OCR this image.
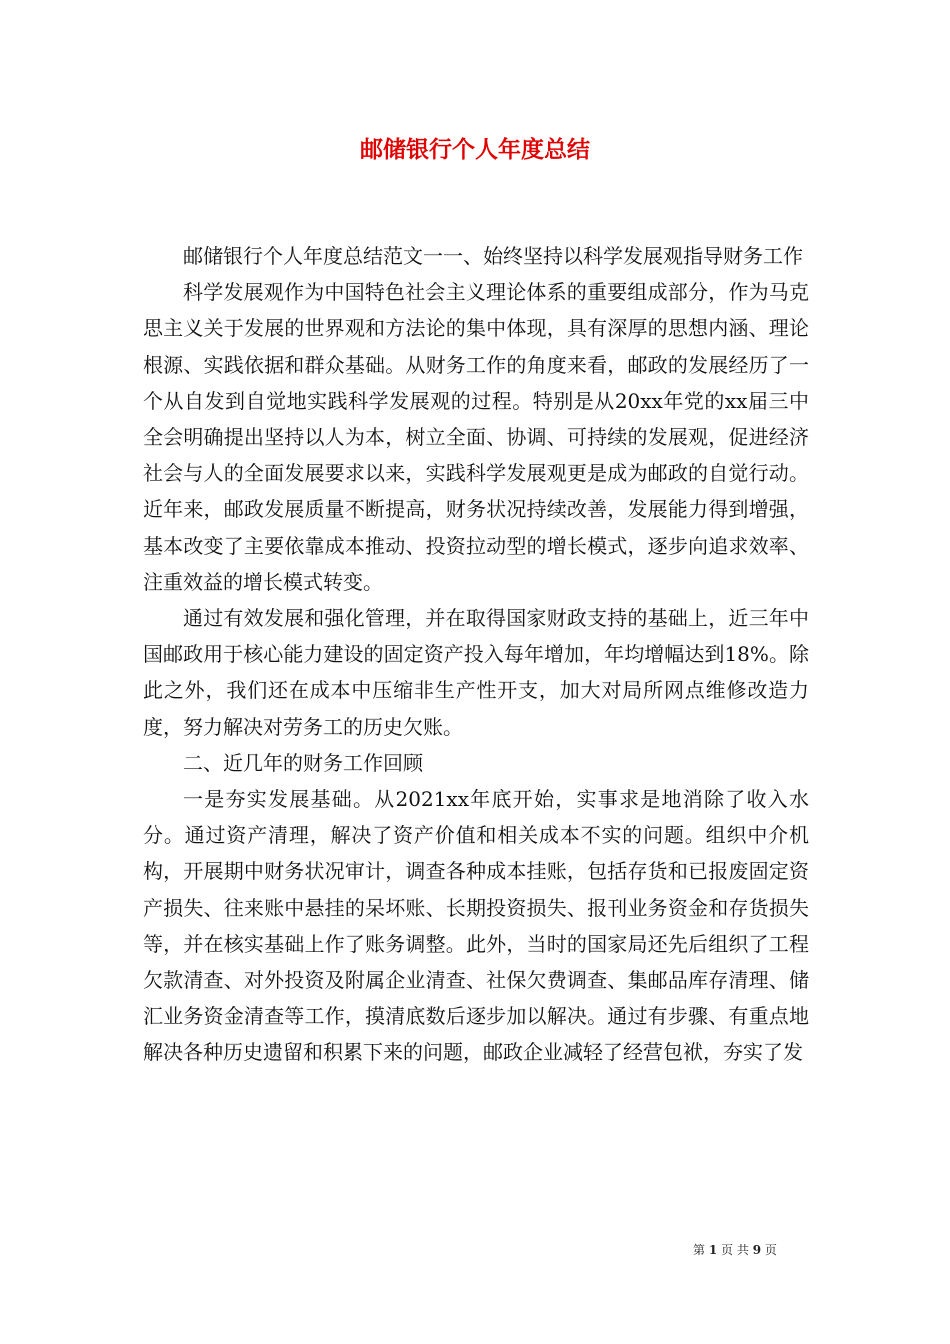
邮储银行个人年度总结

邮储银行个人年度总结范文一一、始终坚持以科学发展观指导财务工作

科学发展观作为中国特色社会主义理论体系的重要组成部分，作为马克思主义关于发展的世界观和方法论的集中体现，具有深厚的思想内涵、理论根源、实践依据和群众基础。从财务工作的角度来看，邮政的发展经历了一个从自发到自觉地实践科学发展观的过程。特别是从20xx年党的xx届三中全会明确提出坚持以人为本，树立全面、协调、可持续的发展观，促进经济社会与人的全面发展要求以来，实践科学发展观更是成为邮政的自觉行动。近年来，邮政发展质量不断提高，财务状况持续改善，发展能力得到增强，基本改变了主要依靠成本推动、投资拉动型的增长模式，逐步向追求效率、注重效益的增长模式转变。

通过有效发展和强化管理，并在取得国家财政支持的基础上，近三年中国邮政用于核心能力建设的固定资产投入每年增加，年均增幅达到18%。除此之外，我们还在成本中压缩非生产性开支，加大对局所网点维修改造力度，努力解决对劳务工的历史欠账。

二、近几年的财务工作回顾

一是夯实发展基础。从2021xx年底开始，实事求是地消除了收入水分。通过资产清理，解决了资产价值和相关成本不实的问题。组织中介机构，开展期中财务状况审计，调查各种成本挂账，包括存货和已报废固定资产损失、往来账中悬挂的呆坏账、长期投资损失、报刊业务资金和存货损失等，并在核实基础上作了账务调整。此外，当时的国家局还先后组织了工程欠款清查、对外投资及附属企业清查、社保欠费调查、集邮品库存清理、储汇业务资金清查等工作，摸清底数后逐步加以解决。通过有步骤、有重点地解决各种历史遗留和积累下来的问题，邮政企业减轻了经营包袱，夯实了发

第 1 页 共 9 页
